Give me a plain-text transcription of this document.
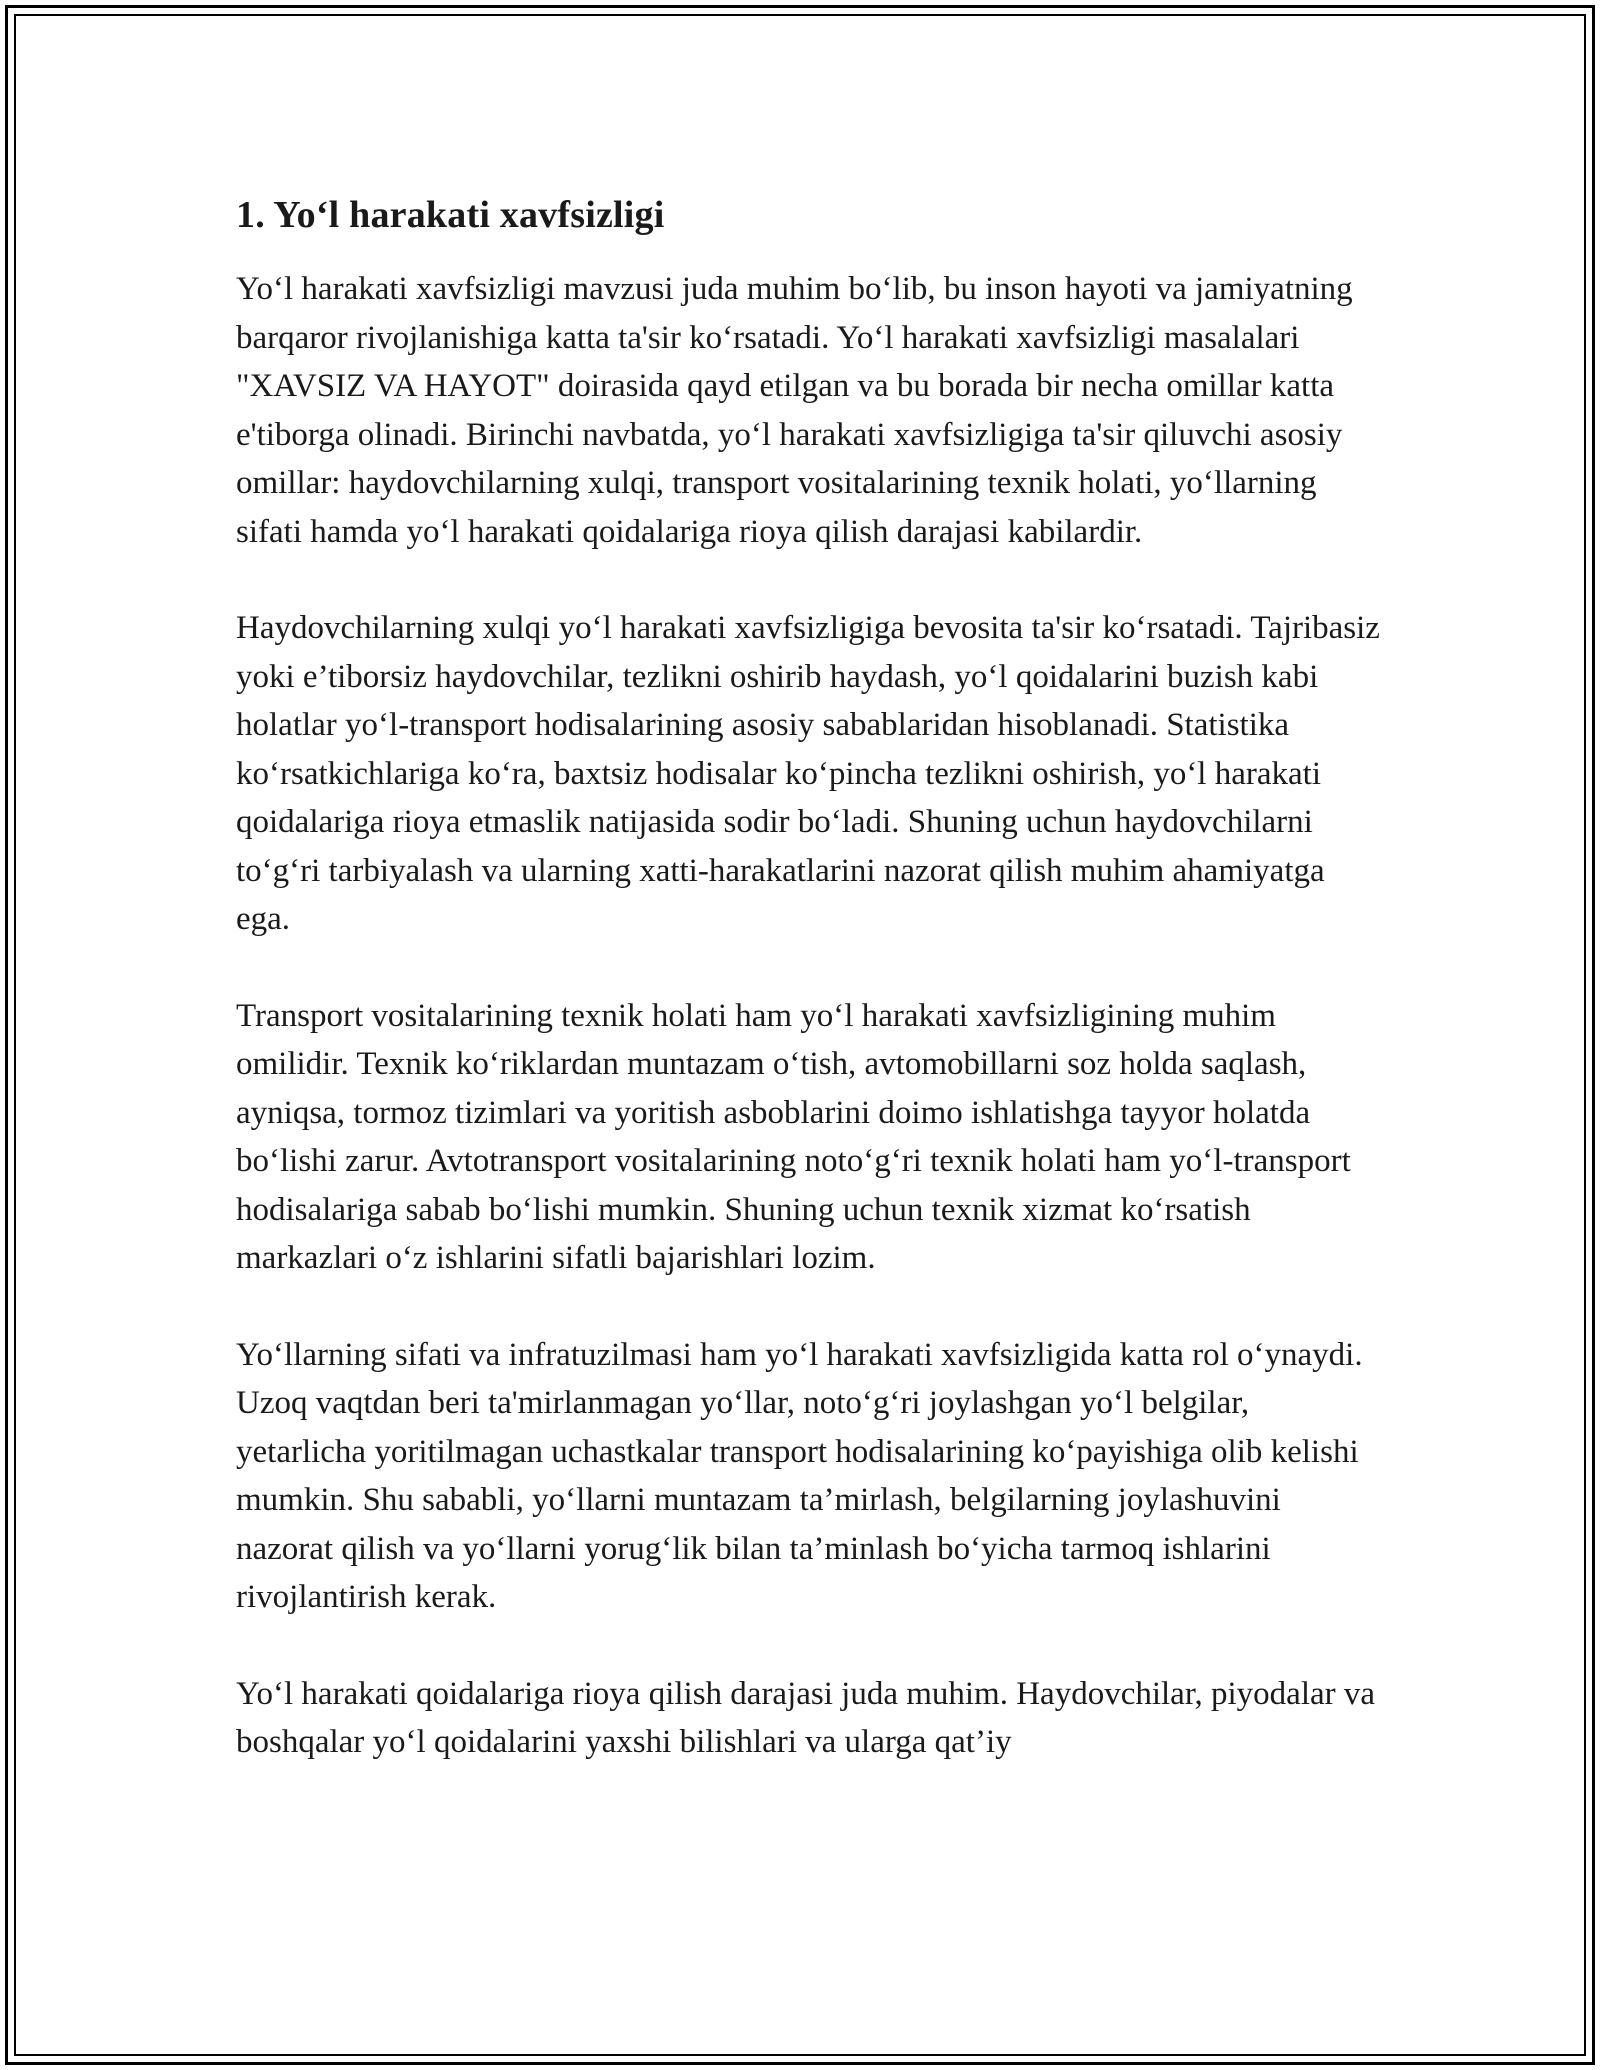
1. Yo‘l harakati xavfsizligi

Yo‘l harakati xavfsizligi mavzusi juda muhim bo‘lib, bu inson hayoti va jamiyatning barqaror rivojlanishiga katta ta'sir ko‘rsatadi. Yo‘l harakati xavfsizligi masalalari "XAVSIZ VA HAYOT" doirasida qayd etilgan va bu borada bir necha omillar katta e'tiborga olinadi. Birinchi navbatda, yo‘l harakati xavfsizligiga ta'sir qiluvchi asosiy omillar: haydovchilarning xulqi, transport vositalarining texnik holati, yo‘llarning sifati hamda yo‘l harakati qoidalariga rioya qilish darajasi kabilardir.

Haydovchilarning xulqi yo‘l harakati xavfsizligiga bevosita ta'sir ko‘rsatadi. Tajribasiz yoki e’tiborsiz haydovchilar, tezlikni oshirib haydash, yo‘l qoidalarini buzish kabi holatlar yo‘l-transport hodisalarining asosiy sabablaridan hisoblanadi. Statistika ko‘rsatkichlariga ko‘ra, baxtsiz hodisalar ko‘pincha tezlikni oshirish, yo‘l harakati qoidalariga rioya etmaslik natijasida sodir bo‘ladi. Shuning uchun haydovchilarni to‘g‘ri tarbiyalash va ularning xatti-harakatlarini nazorat qilish muhim ahamiyatga ega.

Transport vositalarining texnik holati ham yo‘l harakati xavfsizligining muhim omilidir. Texnik ko‘riklardan muntazam o‘tish, avtomobillarni soz holda saqlash, ayniqsa, tormoz tizimlari va yoritish asboblarini doimo ishlatishga tayyor holatda bo‘lishi zarur. Avtotransport vositalarining noto‘g‘ri texnik holati ham yo‘l-transport hodisalariga sabab bo‘lishi mumkin. Shuning uchun texnik xizmat ko‘rsatish markazlari o‘z ishlarini sifatli bajarishlari lozim.

Yo‘llarning sifati va infratuzilmasi ham yo‘l harakati xavfsizligida katta rol o‘ynaydi. Uzoq vaqtdan beri ta'mirlanmagan yo‘llar, noto‘g‘ri joylashgan yo‘l belgilar, yetarlicha yoritilmagan uchastkalar transport hodisalarining ko‘payishiga olib kelishi mumkin. Shu sababli, yo‘llarni muntazam ta’mirlash, belgilarning joylashuvini nazorat qilish va yo‘llarni yorug‘lik bilan ta’minlash bo‘yicha tarmoq ishlarini rivojlantirish kerak.

Yo‘l harakati qoidalariga rioya qilish darajasi juda muhim. Haydovchilar, piyodalar va boshqalar yo‘l qoidalarini yaxshi bilishlari va ularga qat’iy
